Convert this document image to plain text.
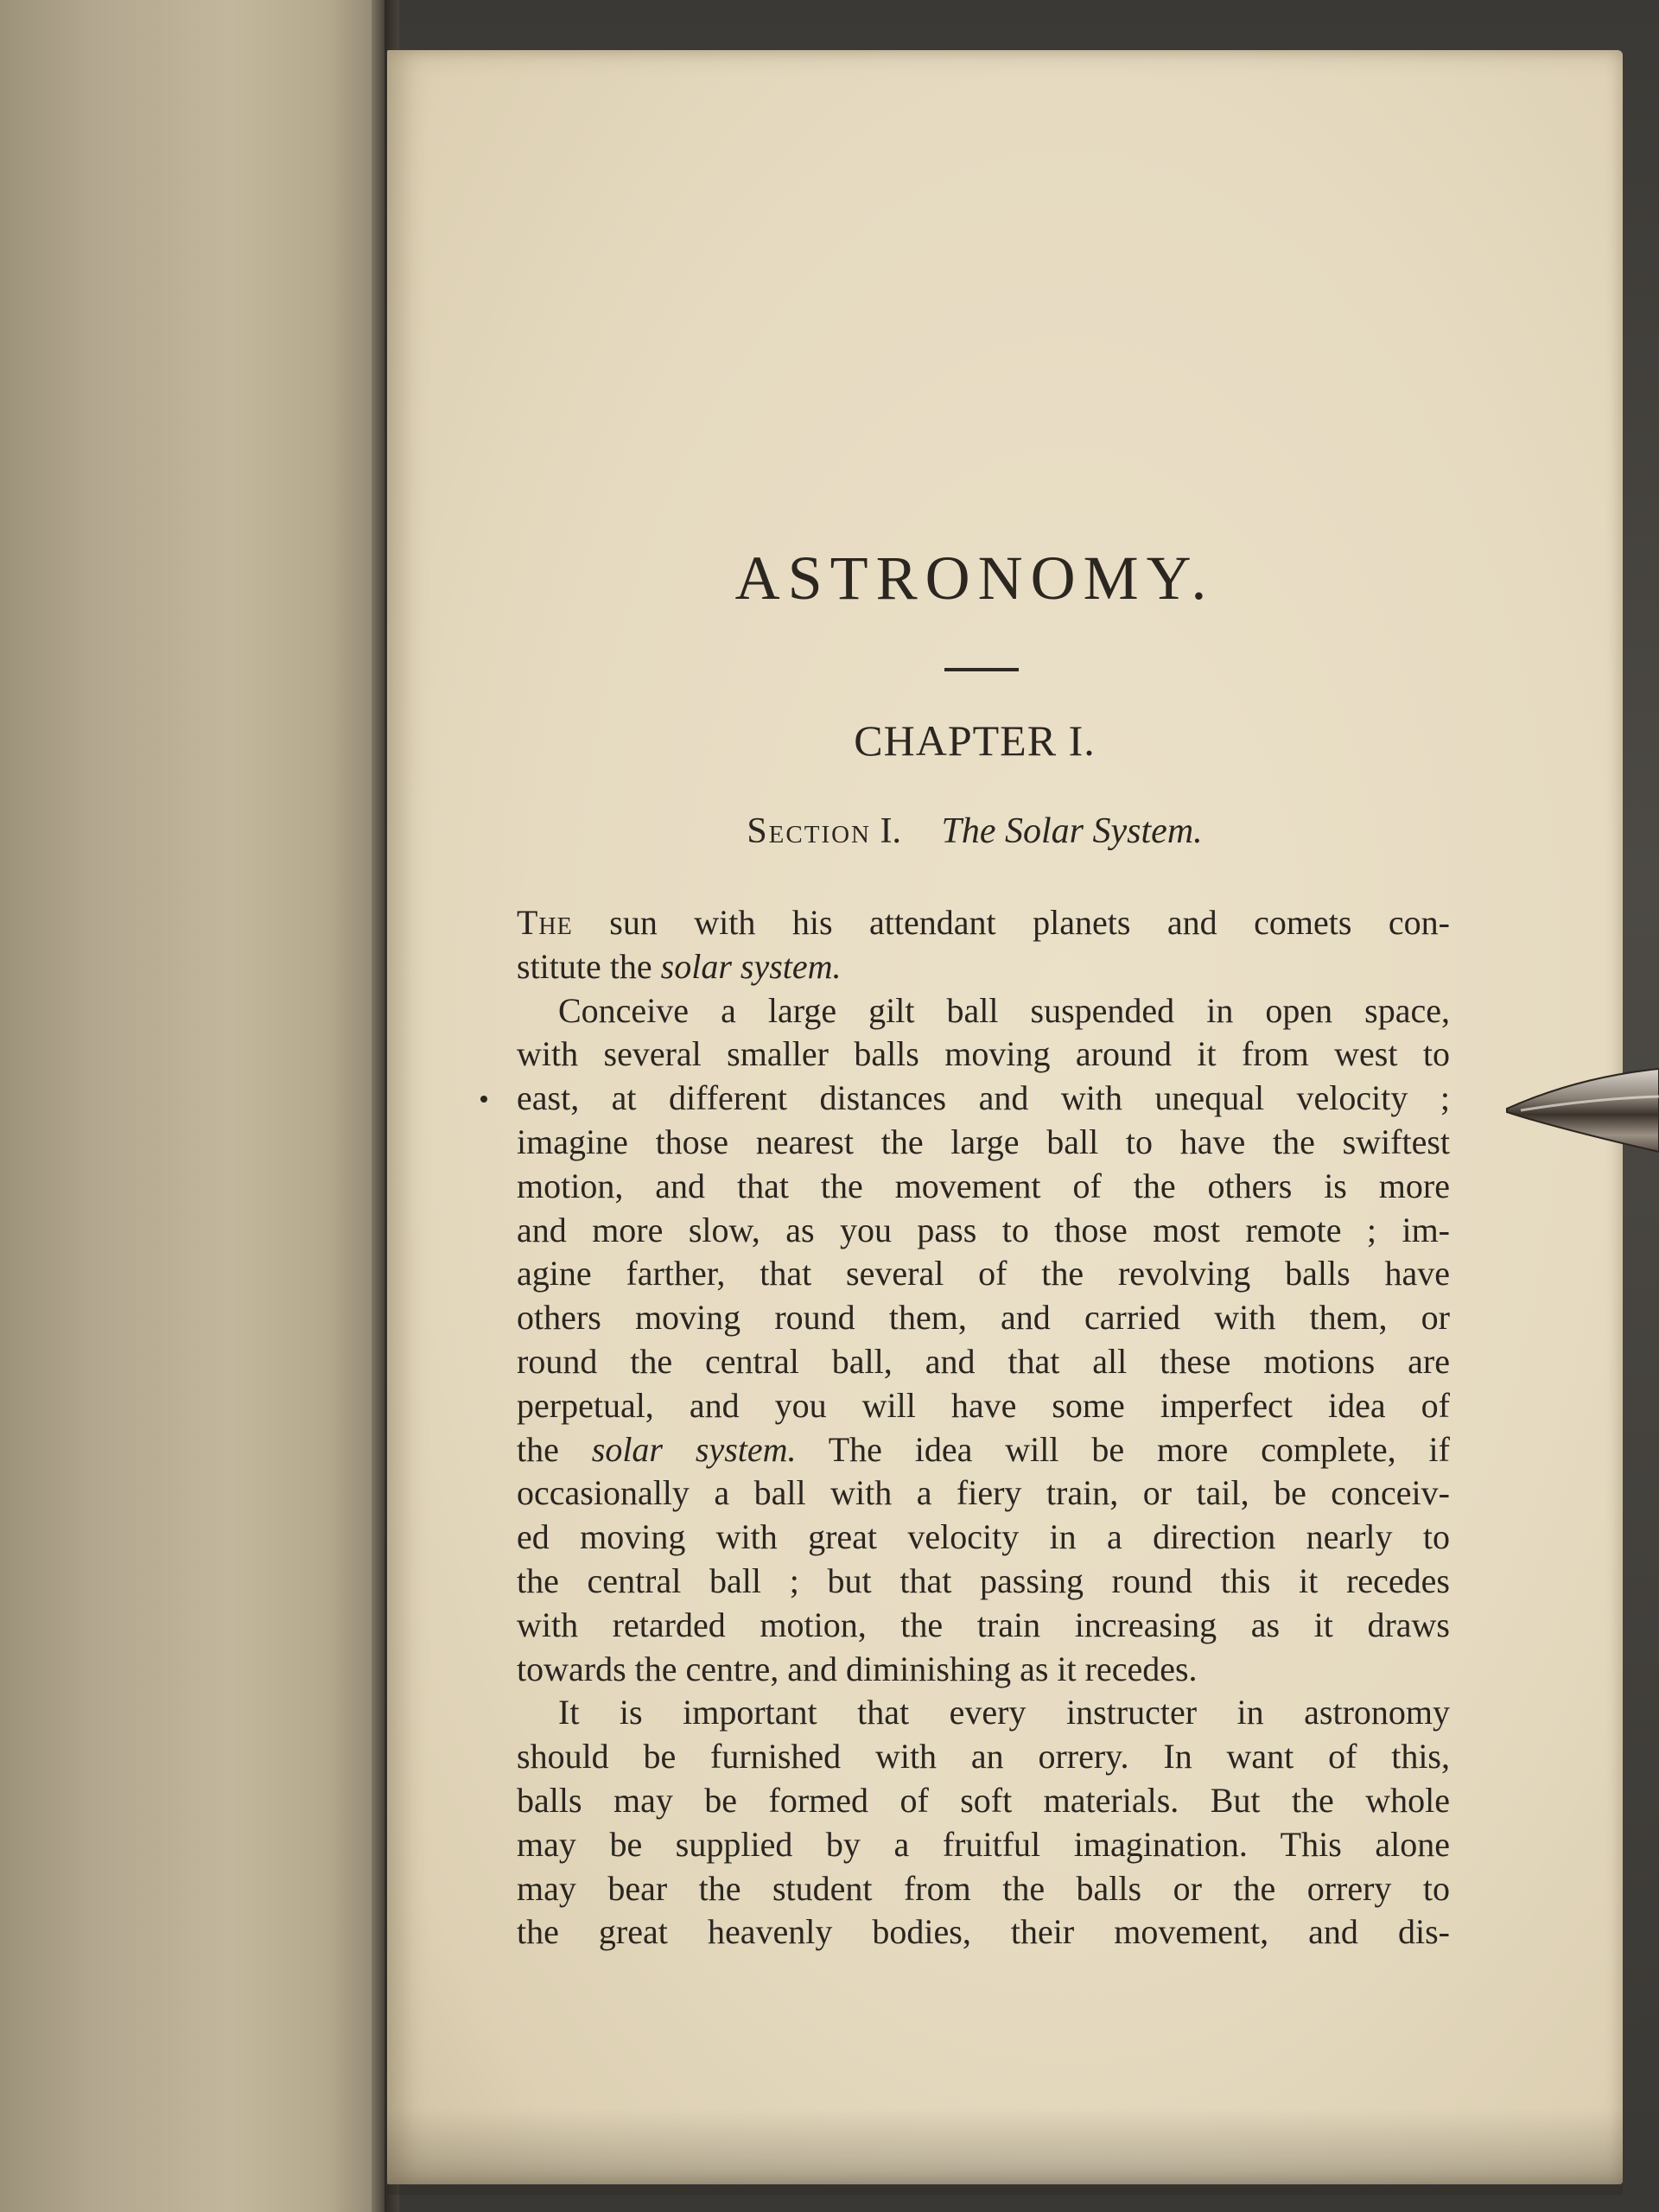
ASTRONOMY.
CHAPTER I.
Section I. The Solar System.
The sun with his attendant planets and comets con-
stitute the solar system.
Conceive a large gilt ball suspended in open space,
with several smaller balls moving around it from west to
east, at different distances and with unequal velocity ;
imagine those nearest the large ball to have the swiftest
motion, and that the movement of the others is more
and more slow, as you pass to those most remote ; im-
agine farther, that several of the revolving balls have
others moving round them, and carried with them, or
round the central ball, and that all these motions are
perpetual, and you will have some imperfect idea of
the solar system. The idea will be more complete, if
occasionally a ball with a fiery train, or tail, be conceiv-
ed moving with great velocity in a direction nearly to
the central ball ; but that passing round this it recedes
with retarded motion, the train increasing as it draws
towards the centre, and diminishing as it recedes.
It is important that every instructer in astronomy
should be furnished with an orrery. In want of this,
balls may be formed of soft materials. But the whole
may be supplied by a fruitful imagination. This alone
may bear the student from the balls or the orrery to
the great heavenly bodies, their movement, and dis-
